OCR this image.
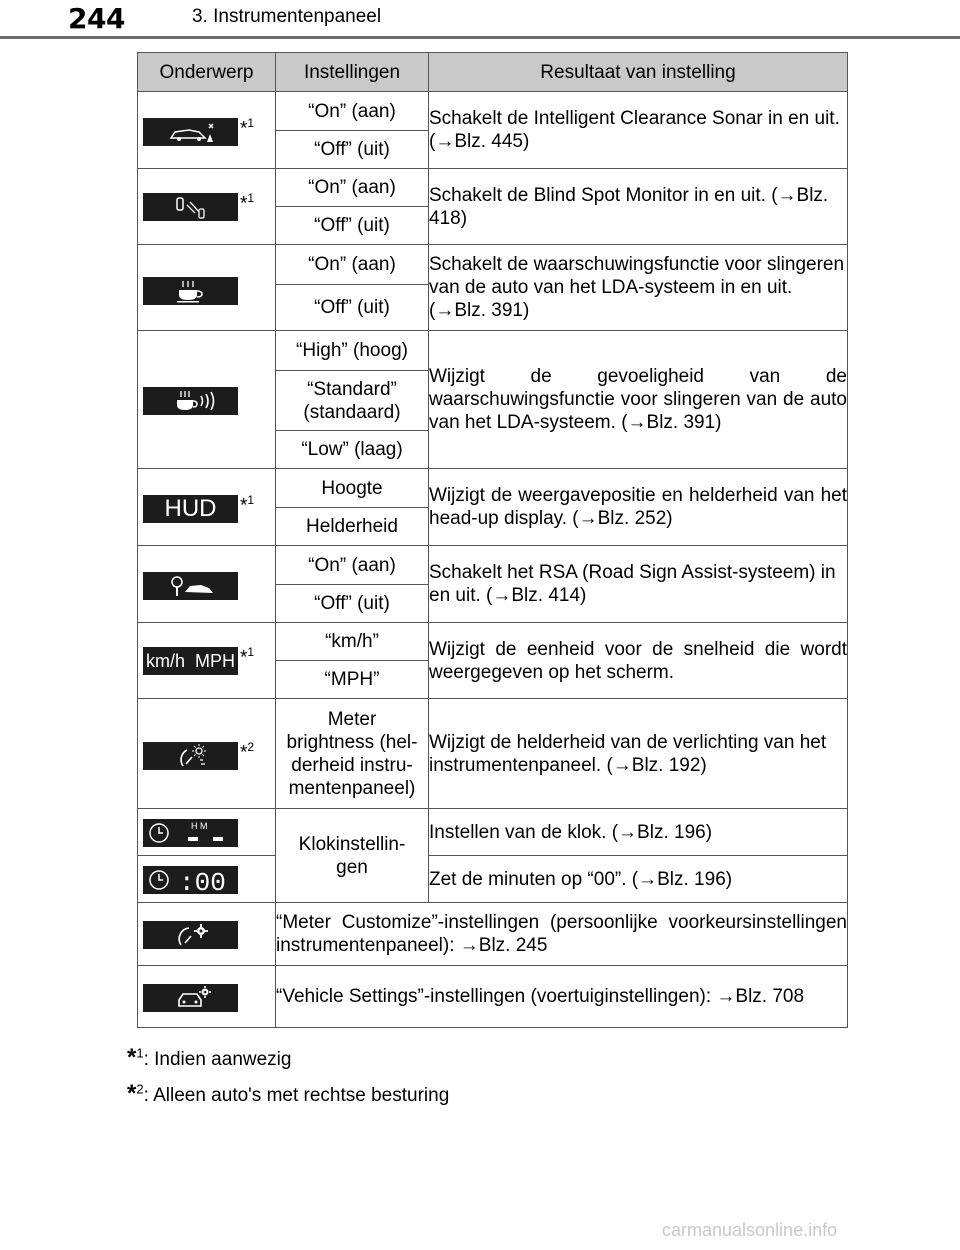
244	3. Instrumentenpaneel
Onderwerp	Instellingen	Resultaat van instelling

*$^1$	“On” (aan)	Schakelt de Intelligent Clearance Sonar in en uit. (→Blz. 445)
	“Off” (uit)	

*$^1$	“On” (aan)	Schakelt de Blind Spot Monitor in en uit. (→Blz. 418)
	“Off” (uit)	

	“On” (aan)	Schakelt de waarschuwingsfunctie voor slingeren van de auto van het LDA-systeem in en uit. (→Blz. 391)
	“Off” (uit)	

	“High” (hoog)	Wijzigt de gevoeligheid van de waarschuwingsfunctie voor slingeren van de auto van het LDA-systeem. (→Blz. 391)
	“Standard” (standaard)	
	“Low” (laag)	

HUD *$^1$	Hoogte	Wijzigt de weergavepositie en helderheid van het head-up display. (→Blz. 252)
	Helderheid	

	“On” (aan)	Schakelt het RSA (Road Sign Assist-systeem) in en uit. (→Blz. 414)
	“Off” (uit)	

km/h  MPH *$^1$	“km/h”	Wijzigt de eenheid voor de snelheid die wordt weergegeven op het scherm.
	“MPH”	

*$^2$	Meter
brightness (hel-
derheid instru-
mentenpaneel)	Wijzigt de helderheid van de verlichting van het instrumentenpaneel. (→Blz. 192)

H M	Klokinstellin-
gen	Instellen van de klok. (→Blz. 196)

:00		Zet de minuten op “00”. (→Blz. 196)

	“Meter Customize”-instellingen (persoonlijke voorkeursinstellingen instrumentenpaneel): →Blz. 245	

	“Vehicle Settings”-instellingen (voertuiginstellingen): →Blz. 708	
*$^1$: Indien aanwezig
*$^2$: Alleen auto's met rechtse besturing
carmanualsonline.info
